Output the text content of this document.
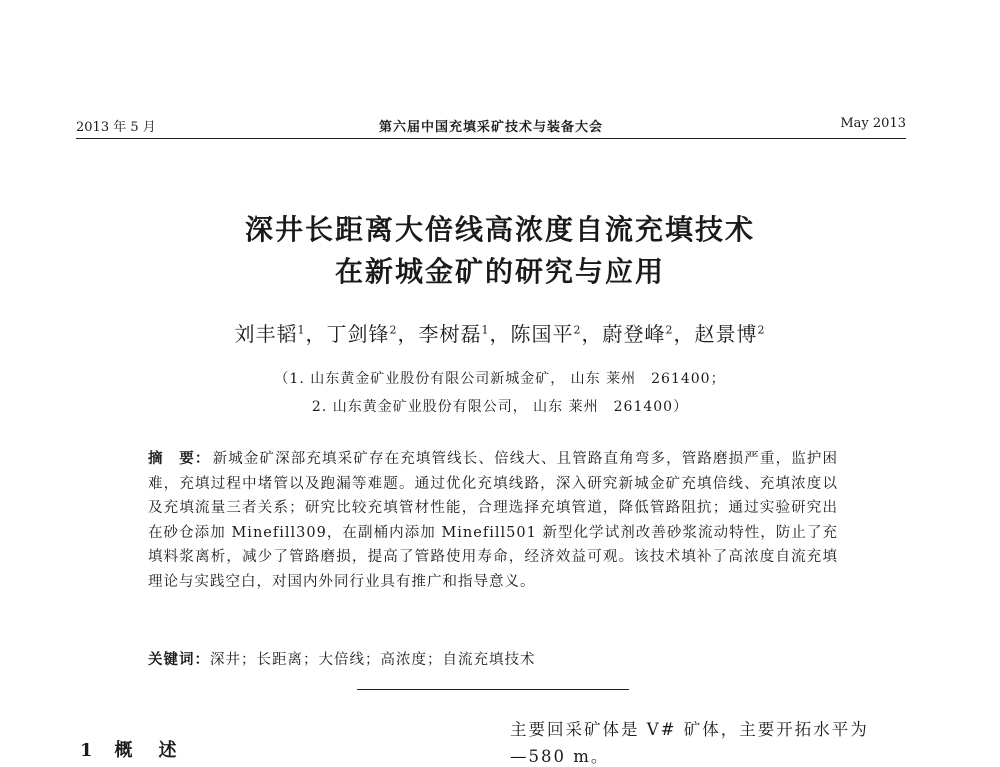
2013 年 5 月	第六届中国充填采矿技术与装备大会	May 2013
深井长距离大倍线高浓度自流充填技术
在新城金矿的研究与应用
刘丰韬$^1$，丁剑锋$^2$，李树磊$^1$，陈国平$^2$，蔚登峰$^2$，赵景博$^2$
（1. 山东黄金矿业股份有限公司新城金矿， 山东 莱州　261400；
2. 山东黄金矿业股份有限公司， 山东 莱州　261400）
摘　要： 新城金矿深部充填采矿存在充填管线长、倍线大、且管路直角弯多，管路磨损严重，监护困难，充填过程中堵管以及跑漏等难题。通过优化充填线路，深入研究新城金矿充填倍线、充填浓度以及充填流量三者关系；研究比较充填管材性能，合理选择充填管道，降低管路阻抗；通过实验研究出在砂仓添加 Minefill309，在副桶内添加 Minefill501 新型化学试剂改善砂浆流动特性，防止了充填料浆离析，减少了管路磨损，提高了管路使用寿命，经济效益可观。该技术填补了高浓度自流充填理论与实践空白，对国内外同行业具有推广和指导意义。
关键词：深井；长距离；大倍线；高浓度；自流充填技术
1 概　述
主要回采矿体是 V# 矿体，主要开拓水平为
—580 m。
